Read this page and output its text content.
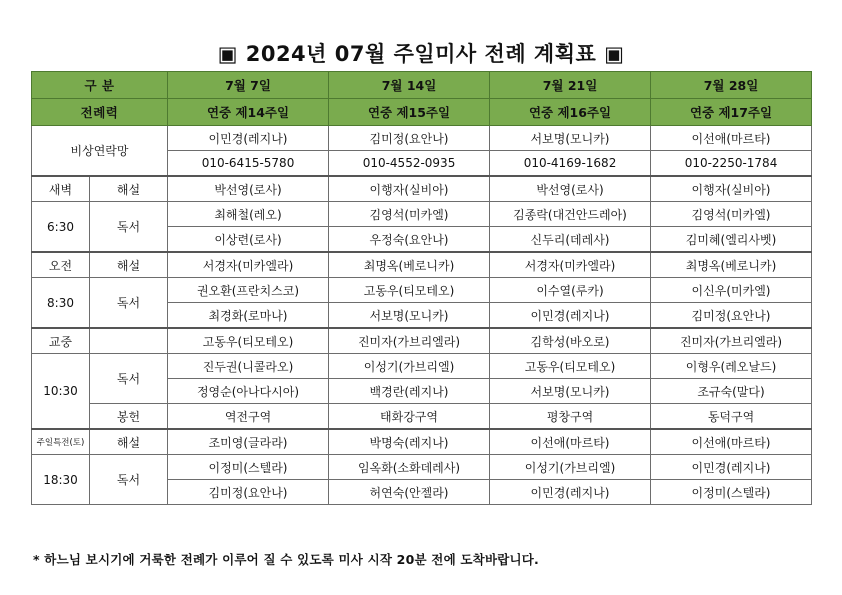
▣ 2024년 07월 주일미사 전례 계획표 ▣
구 분		7월 7일	7월 14일	7월 21일	7월 28일
전례력		연중 제14주일	연중 제15주일	연중 제16주일	연중 제17주일
비상연락망		이민경(레지나)	김미정(요안나)	서보명(모니카)	이선애(마르타)
		010-6415-5780	010-4552-0935	010-4169-1682	010-2250-1784
새벽	해설	박선영(로사)	이행자(실비아)	박선영(로사)	이행자(실비아)
6:30	독서	최해철(레오)	김영석(미카엘)	김종락(대건안드레아)	김영석(미카엘)
		이상련(로사)	우정숙(요안나)	신두리(데레사)	김미혜(엘리사벳)
오전	해설	서경자(미카엘라)	최명옥(베로니카)	서경자(미카엘라)	최명옥(베로니카)
8:30	독서	권오환(프란치스코)	고동우(티모테오)	이수열(루카)	이신우(미카엘)
		최경화(로마나)	서보명(모니카)	이민경(레지나)	김미정(요안나)
교중		고동우(티모테오)	진미자(가브리엘라)	김학성(바오로)	진미자(가브리엘라)
10:30	독서	진두권(니콜라오)	이성기(가브리엘)	고동우(티모테오)	이형우(레오날드)
		정영순(아나다시아)	백경란(레지나)	서보명(모니카)	조규숙(말다)
	봉헌	역전구역	태화강구역	평창구역	동덕구역
주일특전(토)	해설	조미영(글라라)	박명숙(레지나)	이선애(마르타)	이선애(마르타)
18:30	독서	이정미(스텔라)	임옥화(소화데레사)	이성기(가브리엘)	이민경(레지나)
		김미정(요안나)	허연숙(안젤라)	이민경(레지나)	이정미(스텔라)
* 하느님 보시기에 거룩한 전례가 이루어 질 수 있도록 미사 시작 20분 전에 도착바랍니다.
